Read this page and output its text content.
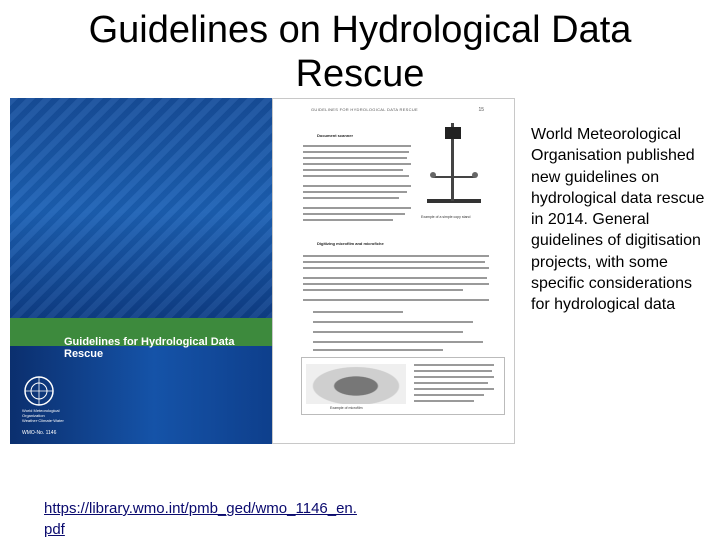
Guidelines on Hydrological Data
Rescue
Guidelines for Hydrological Data Rescue
World Meteorological Organization Weather·Climate·Water
WMO-No. 1146
GUIDELINES FOR HYDROLOGICAL DATA RESCUE	15
Document scanner
Example of a simple copy stand
Digitizing microfilm and microfiche
Example of microfilm
World Meteorological Organisation published new guidelines on hydrological data rescue in 2014. General guidelines of digitisation projects, with some specific considerations for hydrological data
https://library.wmo.int/pmb_ged/wmo_1146_en.
pdf
